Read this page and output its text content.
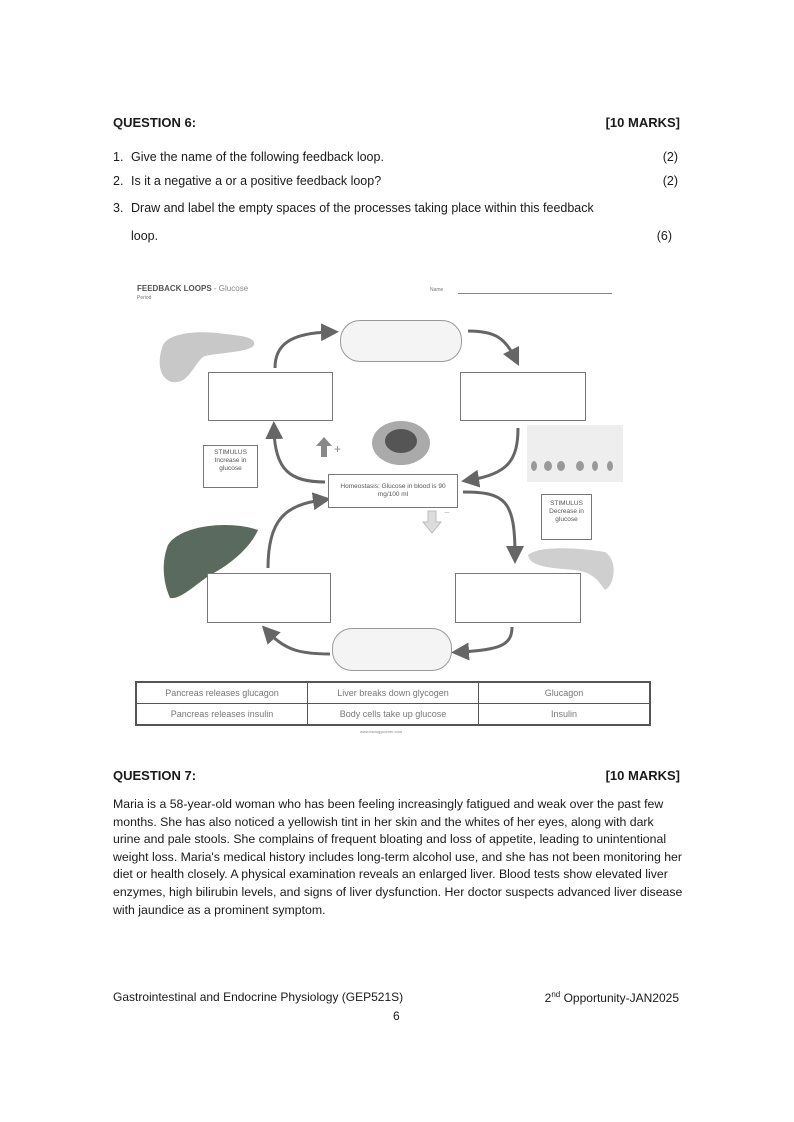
QUESTION 6:	[10 MARKS]
1. Give the name of the following feedback loop.	(2)
2. Is it a negative a or a positive feedback loop?	(2)
3. Draw and label the empty spaces of the processes taking place within this feedback
loop.	(6)
FEEDBACK LOOPS - Glucose
Period
Name
+
−
STIMULUS
Increase in glucose
Homeostasis: Glucose in blood is 90 mg/100 ml
STIMULUS
Decrease in glucose
Pancreas releases glucagon	Liver breaks down glycogen	Glucagon
Pancreas releases insulin	Body cells take up glucose	Insulin
www.biologycorner.com
QUESTION 7:	[10 MARKS]
Maria is a 58-year-old woman who has been feeling increasingly fatigued and weak over the past few months. She has also noticed a yellowish tint in her skin and the whites of her eyes, along with dark urine and pale stools. She complains of frequent bloating and loss of appetite, leading to unintentional weight loss. Maria's medical history includes long-term alcohol use, and she has not been monitoring her diet or health closely. A physical examination reveals an enlarged liver. Blood tests show elevated liver enzymes, high bilirubin levels, and signs of liver dysfunction. Her doctor suspects advanced liver disease with jaundice as a prominent symptom.
Gastrointestinal and Endocrine Physiology (GEP521S)	2nd Opportunity-JAN2025
6
